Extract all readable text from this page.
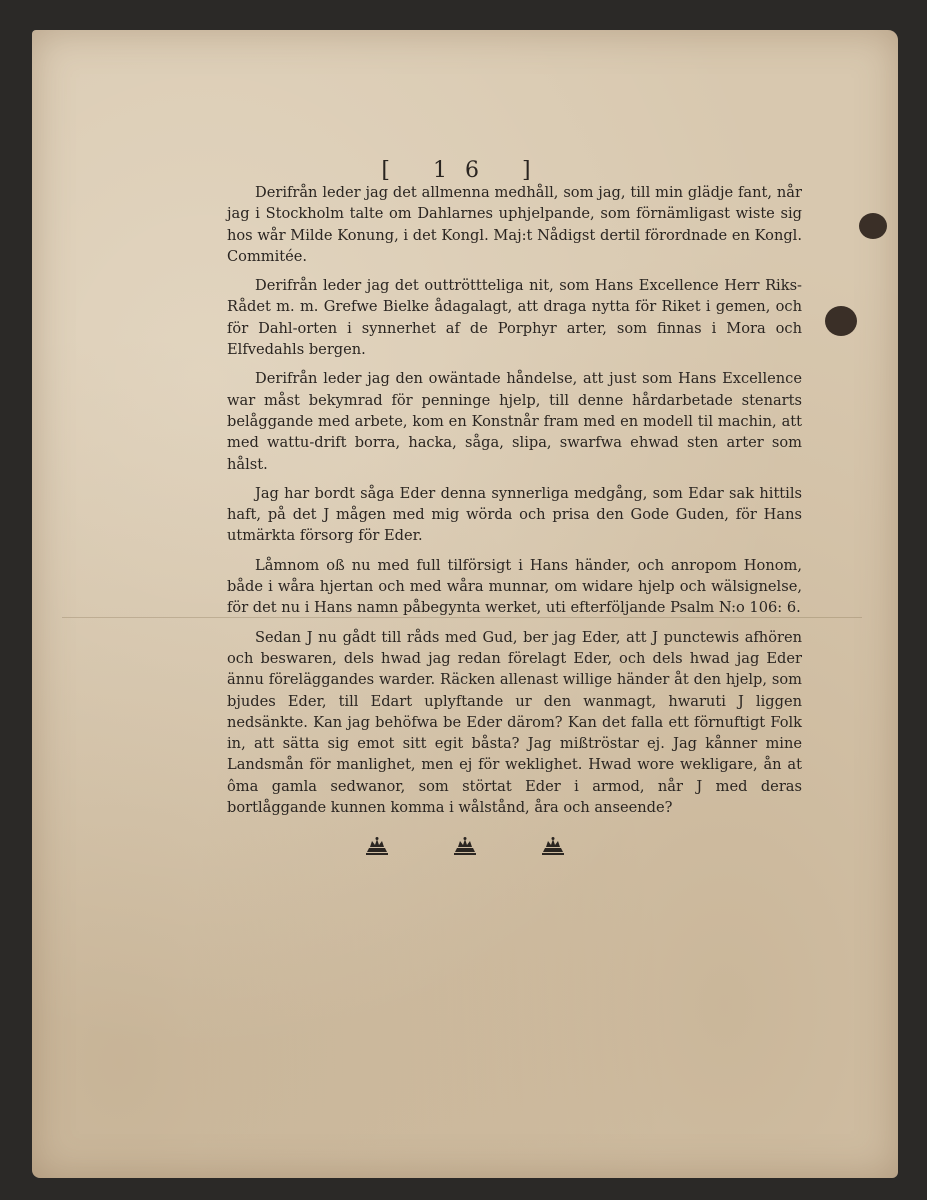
[ 16 ]

Derifrån leder jag det allmenna medhåll, som jag, till min glädje fant, når jag i Stockholm talte om Dahlarnes uphjelpande, som förnämligast wiste sig hos wår Milde Konung, i det Kongl. Maj:t Nådigst dertil förordnade en Kongl. Commitée.

Derifrån leder jag det outtröttteliga nit, som Hans Excellence Herr Riks-Rådet m. m. Grefwe Bielke ådagalagt, att draga nytta för Riket i gemen, och för Dahl-orten i synnerhet af de Porphyr arter, som finnas i Mora och Elfvedahls bergen.

Derifrån leder jag den owäntade håndelse, att just som Hans Excellence war måst bekymrad för penninge hjelp, till denne hårdarbetade stenarts belåggande med arbete, kom en Konstnår fram med en modell til machin, att med wattu-drift borra, hacka, såga, slipa, swarfwa ehwad sten arter som hålst.

Jag har bordt såga Eder denna synnerliga medgång, som Edar sak hittils haft, på det J mågen med mig wörda och prisa den Gode Guden, för Hans utmärkta försorg för Eder.

Låmnom oß nu med full tilförsigt i Hans händer, och anropom Honom, både i wåra hjertan och med wåra munnar, om widare hjelp och wälsignelse, för det nu i Hans namn påbegynta werket, uti efterföljande Psalm N:o 106: 6.

Sedan J nu gådt till råds med Gud, ber jag Eder, att J punctewis afhören och beswaren, dels hwad jag redan förelagt Eder, och dels hwad jag Eder ännu föreläggandes warder. Räcken allenast willige händer åt den hjelp, som bjudes Eder, till Edart uplyftande ur den wanmagt, hwaruti J liggen nedsänkte. Kan jag behöfwa be Eder därom? Kan det falla ett förnuftigt Folk in, att sätta sig emot sitt egit båsta? Jag mißtröstar ej. Jag kånner mine Landsmån för manlighet, men ej för weklighet. Hwad wore wekligare, ån at ôma gamla sedwanor, som störtat Eder i armod, når J med deras bortlåggande kunnen komma i wålstånd, åra och anseende?
